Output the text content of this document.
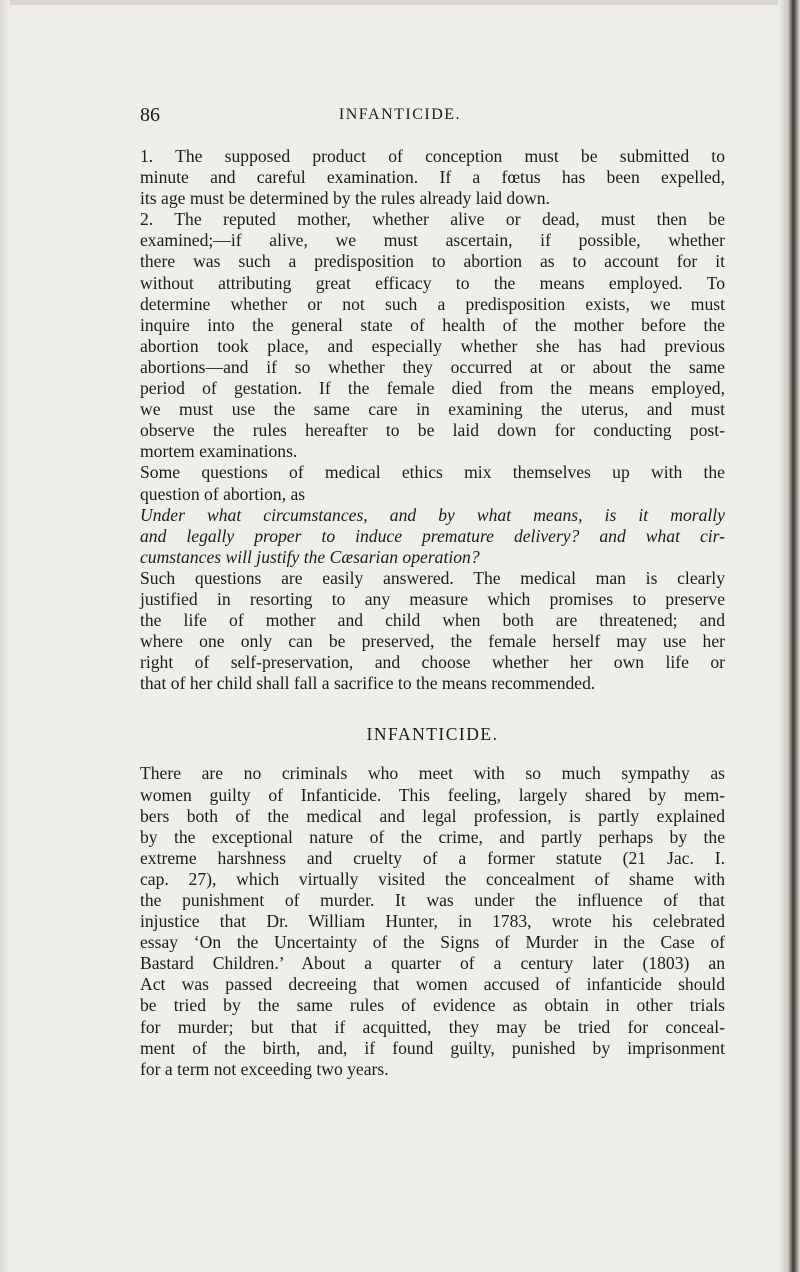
86	INFANTICIDE.
1. The supposed product of conception must be submitted to
minute and careful examination. If a fœtus has been expelled,
its age must be determined by the rules already laid down.
2. The reputed mother, whether alive or dead, must then be
examined;—if alive, we must ascertain, if possible, whether
there was such a predisposition to abortion as to account for it
without attributing great efficacy to the means employed. To
determine whether or not such a predisposition exists, we must
inquire into the general state of health of the mother before the
abortion took place, and especially whether she has had previous
abortions—and if so whether they occurred at or about the same
period of gestation. If the female died from the means employed,
we must use the same care in examining the uterus, and must
observe the rules hereafter to be laid down for conducting post-
mortem examinations.
Some questions of medical ethics mix themselves up with the
question of abortion, as
Under what circumstances, and by what means, is it morally
and legally proper to induce premature delivery? and what cir-
cumstances will justify the Cæsarian operation?
Such questions are easily answered. The medical man is clearly
justified in resorting to any measure which promises to preserve
the life of mother and child when both are threatened; and
where one only can be preserved, the female herself may use her
right of self-preservation, and choose whether her own life or
that of her child shall fall a sacrifice to the means recommended.
INFANTICIDE.
There are no criminals who meet with so much sympathy as
women guilty of Infanticide. This feeling, largely shared by mem-
bers both of the medical and legal profession, is partly explained
by the exceptional nature of the crime, and partly perhaps by the
extreme harshness and cruelty of a former statute (21 Jac. I.
cap. 27), which virtually visited the concealment of shame with
the punishment of murder. It was under the influence of that
injustice that Dr. William Hunter, in 1783, wrote his celebrated
essay ‘On the Uncertainty of the Signs of Murder in the Case of
Bastard Children.’ About a quarter of a century later (1803) an
Act was passed decreeing that women accused of infanticide should
be tried by the same rules of evidence as obtain in other trials
for murder; but that if acquitted, they may be tried for conceal-
ment of the birth, and, if found guilty, punished by imprisonment
for a term not exceeding two years.
